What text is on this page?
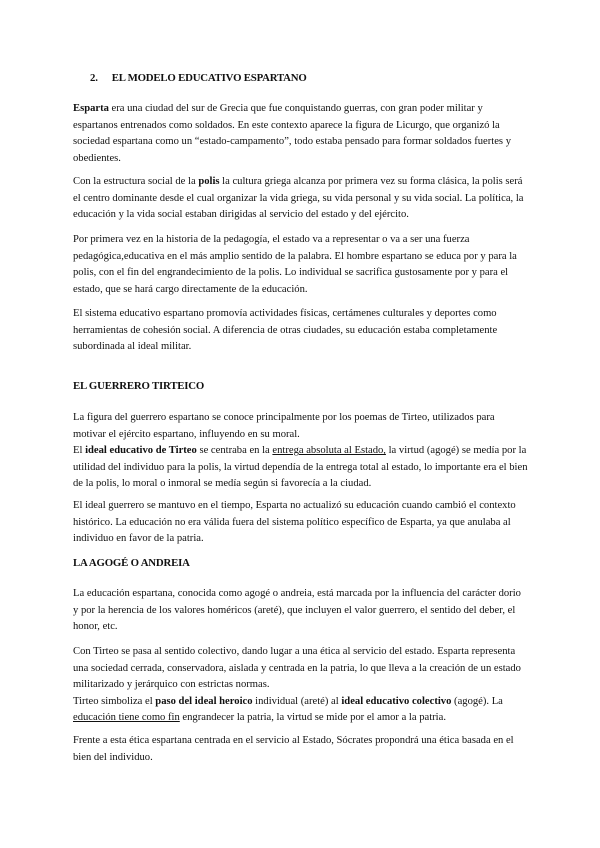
2. EL MODELO EDUCATIVO ESPARTANO

Esparta era una ciudad del sur de Grecia que fue conquistando guerras, con gran poder militar y espartanos entrenados como soldados. En este contexto aparece la figura de Licurgo, que organizó la sociedad espartana como un “estado-campamento”, todo estaba pensado para formar soldados fuertes y obedientes.

Con la estructura social de la polis la cultura griega alcanza por primera vez su forma clásica, la polis será el centro dominante desde el cual organizar la vida griega, su vida personal y su vida social. La política, la educación y la vida social estaban dirigidas al servicio del estado y del ejército.

Por primera vez en la historia de la pedagogía, el estado va a representar o va a ser una fuerza pedagógica,educativa en el más amplio sentido de la palabra. El hombre espartano se educa por y para la polis, con el fin del engrandecimiento de la polis. Lo individual se sacrifica gustosamente por y para el estado, que se hará cargo directamente de la educación.

El sistema educativo espartano promovía actividades físicas, certámenes culturales y deportes como herramientas de cohesión social. A diferencia de otras ciudades, su educación estaba completamente subordinada al ideal militar.

EL GUERRERO TIRTEICO

La figura del guerrero espartano se conoce principalmente por los poemas de Tirteo, utilizados para motivar el ejército espartano, influyendo en su moral.
El ideal educativo de Tirteo se centraba en la entrega absoluta al Estado, la virtud (agogé) se medía por la utilidad del individuo para la polis, la virtud dependía de la entrega total al estado, lo importante era el bien de la polis, lo moral o inmoral se medía según si favorecía a la ciudad.

El ideal guerrero se mantuvo en el tiempo, Esparta no actualizó su educación cuando cambió el contexto histórico. La educación no era válida fuera del sistema político específico de Esparta, ya que anulaba al individuo en favor de la patria.

LA AGOGÉ O ANDREIA

La educación espartana, conocida como agogé o andreia, está marcada por la influencia del carácter dorio y por la herencia de los valores homéricos (areté), que incluyen el valor guerrero, el sentido del deber, el honor, etc.

Con Tirteo se pasa al sentido colectivo, dando lugar a una ética al servicio del estado. Esparta representa una sociedad cerrada, conservadora, aislada y centrada en la patria, lo que lleva a la creación de un estado militarizado y jerárquico con estrictas normas.
Tirteo simboliza el paso del ideal heroico individual (areté) al ideal educativo colectivo (agogé). La educación tiene como fin engrandecer la patria, la virtud se mide por el amor a la patria.

Frente a esta ética espartana centrada en el servicio al Estado, Sócrates propondrá una ética basada en el bien del individuo.
